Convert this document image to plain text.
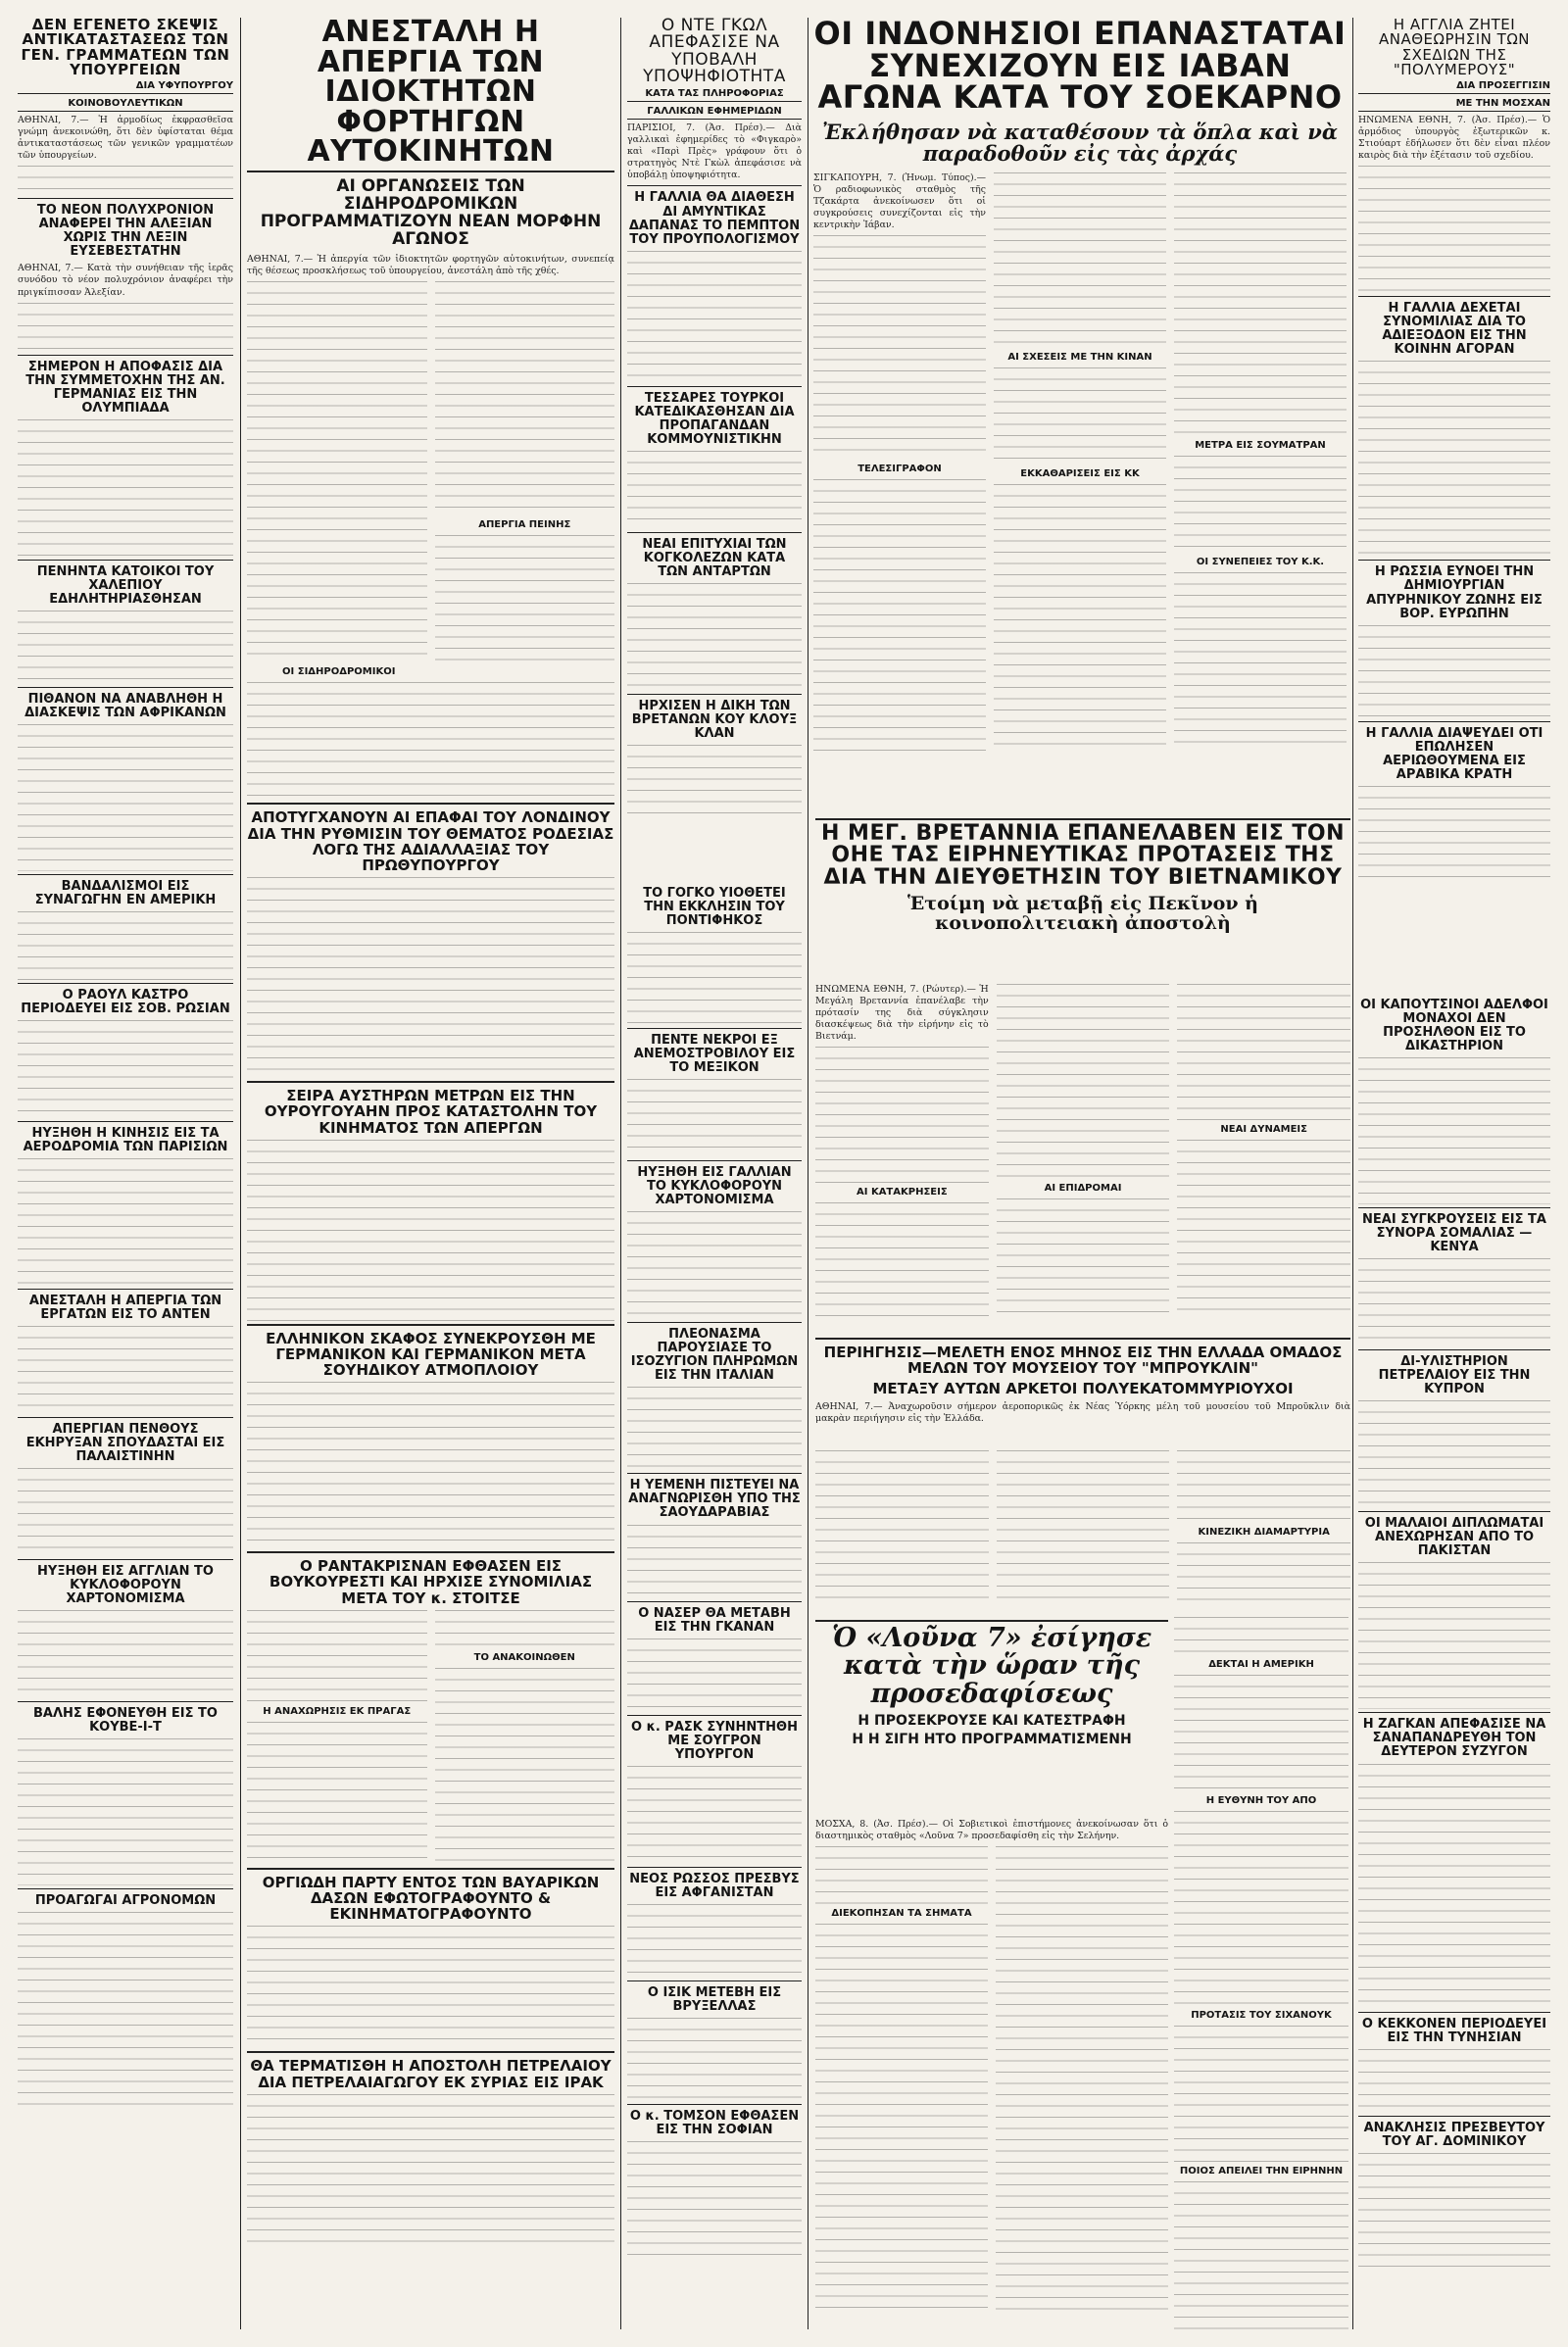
ΔΕΝ ΕΓΕΝΕΤΟ ΣΚΕΨΙΣ ΑΝΤΙΚΑΤΑΣΤΑΣΕΩΣ ΤΩΝ ΓΕΝ. ΓΡΑΜΜΑΤΕΩΝ ΤΩΝ ΥΠΟΥΡΓΕΙΩΝ
ΔΙΑ ΥΦΥΠΟΥΡΓΟΥ
ΚΟΙΝΟΒΟΥΛΕΥΤΙΚΩΝ

ΑΘΗΝΑΙ, 7.— Ἡ ἀρμοδίως ἐκφρασθεῖσα γνώμη ἀνεκοινώθη, ὅτι δὲν ὑφίσταται θέμα ἀντικαταστάσεως τῶν γενικῶν γραμματέων τῶν ὑπουργείων.

ΤΟ ΝΕΟΝ ΠΟΛΥΧΡΟΝΙΟΝ ΑΝΑΦΕΡΕΙ ΤΗΝ ΑΛΕΞΙΑΝ ΧΩΡΙΣ ΤΗΝ ΛΕΞΙΝ ΕΥΣΕΒΕΣΤΑΤΗΝ

ΑΘΗΝΑΙ, 7.— Κατὰ τὴν συνήθειαν τῆς ἱερᾶς συνόδου τὸ νέον πολυχρόνιον ἀναφέρει τὴν πριγκίπισσαν Ἀλεξίαν.

ΣΗΜΕΡΟΝ Η ΑΠΟΦΑΣΙΣ ΔΙΑ ΤΗΝ ΣΥΜΜΕΤΟΧΗΝ ΤΗΣ ΑΝ. ΓΕΡΜΑΝΙΑΣ ΕΙΣ ΤΗΝ ΟΛΥΜΠΙΑΔΑ
ΠΕΝΗΝΤΑ ΚΑΤΟΙΚΟΙ ΤΟΥ ΧΑΛΕΠΙΟΥ ΕΔΗΛΗΤΗΡΙΑΣΘΗΣΑΝ
ΠΙΘΑΝΟΝ ΝΑ ΑΝΑΒΛΗΘΗ Η ΔΙΑΣΚΕΨΙΣ ΤΩΝ ΑΦΡΙΚΑΝΩΝ
ΒΑΝΔΑΛΙΣΜΟΙ ΕΙΣ ΣΥΝΑΓΩΓΗΝ ΕΝ ΑΜΕΡΙΚΗ
Ο ΡΑΟΥΛ ΚΑΣΤΡΟ ΠΕΡΙΟΔΕΥΕΙ ΕΙΣ ΣΟΒ. ΡΩΣΙΑΝ
ΗΥΞΗΘΗ Η ΚΙΝΗΣΙΣ ΕΙΣ ΤΑ ΑΕΡΟΔΡΟΜΙΑ ΤΩΝ ΠΑΡΙΣΙΩΝ
ΑΝΕΣΤΑΛΗ Η ΑΠΕΡΓΙΑ ΤΩΝ ΕΡΓΑΤΩΝ ΕΙΣ ΤΟ ΑΝΤΕΝ
ΑΠΕΡΓΙΑΝ ΠΕΝΘΟΥΣ ΕΚΗΡΥΞΑΝ ΣΠΟΥΔΑΣΤΑΙ ΕΙΣ ΠΑΛΑΙΣΤΙΝΗΝ
ΗΥΞΗΘΗ ΕΙΣ ΑΓΓΛΙΑΝ ΤΟ ΚΥΚΛΟΦΟΡΟΥΝ ΧΑΡΤΟΝΟΜΙΣΜΑ
ΒΑΛΗΣ ΕΦΟΝΕΥΘΗ ΕΙΣ ΤΟ ΚΟΥΒΕ-Ι-Τ
ΠΡΟΑΓΩΓΑΙ ΑΓΡΟΝΟΜΩΝ
ΑΝΕΣΤΑΛΗ Η ΑΠΕΡΓΙΑ ΤΩΝ ΙΔΙΟΚΤΗΤΩΝ ΦΟΡΤΗΓΩΝ ΑΥΤΟΚΙΝΗΤΩΝ
ΑΙ ΟΡΓΑΝΩΣΕΙΣ ΤΩΝ ΣΙΔΗΡΟΔΡΟΜΙΚΩΝ ΠΡΟΓΡΑΜΜΑΤΙΖΟΥΝ ΝΕΑΝ ΜΟΡΦΗΝ ΑΓΩΝΟΣ

ΑΘΗΝΑΙ, 7.— Ἡ ἀπεργία τῶν ἰδιοκτητῶν φορτηγῶν αὐτοκινήτων, συνεπείᾳ τῆς θέσεως προσκλήσεως τοῦ ὑπουργείου, ἀνεστάλη ἀπὸ τῆς χθές.

ΑΠΕΡΓΙΑ ΠΕΙΝΗΣ
ΟΙ ΣΙΔΗΡΟΔΡΟΜΙΚΟΙ
ΑΠΟΤΥΓΧΑΝΟΥΝ ΑΙ ΕΠΑΦΑΙ ΤΟΥ ΛΟΝΔΙΝΟΥ ΔΙΑ ΤΗΝ ΡΥΘΜΙΣΙΝ ΤΟΥ ΘΕΜΑΤΟΣ ΡΟΔΕΣΙΑΣ ΛΟΓΩ ΤΗΣ ΑΔΙΑΛΛΑΞΙΑΣ ΤΟΥ ΠΡΩΘΥΠΟΥΡΓΟΥ
ΣΕΙΡΑ ΑΥΣΤΗΡΩΝ ΜΕΤΡΩΝ ΕΙΣ ΤΗΝ ΟΥΡΟΥΓΟΥΑΗΝ ΠΡΟΣ ΚΑΤΑΣΤΟΛΗΝ ΤΟΥ ΚΙΝΗΜΑΤΟΣ ΤΩΝ ΑΠΕΡΓΩΝ
ΕΛΛΗΝΙΚΟΝ ΣΚΑΦΟΣ ΣΥΝΕΚΡΟΥΣΘΗ ΜΕ ΓΕΡΜΑΝΙΚΟΝ ΚΑΙ ΓΕΡΜΑΝΙΚΟΝ ΜΕΤΑ ΣΟΥΗΔΙΚΟΥ ΑΤΜΟΠΛΟΙΟΥ
Ο ΡΑΝΤΑΚΡΙΣΝΑΝ ΕΦΘΑΣΕΝ ΕΙΣ ΒΟΥΚΟΥΡΕΣΤΙ ΚΑΙ ΗΡΧΙΣΕ ΣΥΝΟΜΙΛΙΑΣ ΜΕΤΑ ΤΟΥ κ. ΣΤΟΙΤΣΕ
Η ΑΝΑΧΩΡΗΣΙΣ ΕΚ ΠΡΑΓΑΣ
ΤΟ ΑΝΑΚΟΙΝΩΘΕΝ
ΟΡΓΙΩΔΗ ΠΑΡΤΥ ΕΝΤΟΣ ΤΩΝ ΒΑΥΑΡΙΚΩΝ ΔΑΣΩΝ ΕΦΩΤΟΓΡΑΦΟΥΝΤΟ & ΕΚΙΝΗΜΑΤΟΓΡΑΦΟΥΝΤΟ
ΘΑ ΤΕΡΜΑΤΙΣΘΗ Η ΑΠΟΣΤΟΛΗ ΠΕΤΡΕΛΑΙΟΥ ΔΙΑ ΠΕΤΡΕΛΑΙΑΓΩΓΟΥ ΕΚ ΣΥΡΙΑΣ ΕΙΣ ΙΡΑΚ
Ο ΝΤΕ ΓΚΩΛ ΑΠΕΦΑΣΙΣΕ ΝΑ ΥΠΟΒΑΛΗ ΥΠΟΨΗΦΙΟΤΗΤΑ
ΚΑΤΑ ΤΑΣ ΠΛΗΡΟΦΟΡΙΑΣ
ΓΑΛΛΙΚΩΝ ΕΦΗΜΕΡΙΔΩΝ

ΠΑΡΙΣΙΟΙ, 7. (Ἀσ. Πρέσ).— Διὰ γαλλικαὶ ἐφημερίδες τὸ «Φιγκαρὸ» καὶ «Παρὶ Πρὲς» γράφουν ὅτι ὁ στρατηγὸς Ντὲ Γκὼλ ἀπεφάσισε νὰ ὑποβάλῃ ὑποψηφιότητα.

Η ΓΑΛΛΙΑ ΘΑ ΔΙΑΘΕΣΗ ΔΙ ΑΜΥΝΤΙΚΑΣ ΔΑΠΑΝΑΣ ΤΟ ΠΕΜΠΤΟΝ ΤΟΥ ΠΡΟΥΠΟΛΟΓΙΣΜΟΥ
ΤΕΣΣΑΡΕΣ ΤΟΥΡΚΟΙ ΚΑΤΕΔΙΚΑΣΘΗΣΑΝ ΔΙΑ ΠΡΟΠΑΓΑΝΔΑΝ ΚΟΜΜΟΥΝΙΣΤΙΚΗΝ
ΝΕΑΙ ΕΠΙΤΥΧΙΑΙ ΤΩΝ ΚΟΓΚΟΛΕΖΩΝ ΚΑΤΑ ΤΩΝ ΑΝΤΑΡΤΩΝ
ΗΡΧΙΣΕΝ Η ΔΙΚΗ ΤΩΝ ΒΡΕΤΑΝΩΝ ΚΟΥ ΚΛΟΥΞ ΚΛΑΝ
ΤΟ ΓΟΓΚΟ ΥΙΟΘΕΤΕΙ ΤΗΝ ΕΚΚΛΗΣΙΝ ΤΟΥ ΠΟΝΤΙΦΗΚΟΣ
ΠΕΝΤΕ ΝΕΚΡΟΙ ΕΞ ΑΝΕΜΟΣΤΡΟΒΙΛΟΥ ΕΙΣ ΤΟ ΜΕΞΙΚΟΝ
ΗΥΞΗΘΗ ΕΙΣ ΓΑΛΛΙΑΝ ΤΟ ΚΥΚΛΟΦΟΡΟΥΝ ΧΑΡΤΟΝΟΜΙΣΜΑ
ΠΛΕΟΝΑΣΜΑ ΠΑΡΟΥΣΙΑΣΕ ΤΟ ΙΣΟΖΥΓΙΟΝ ΠΛΗΡΩΜΩΝ ΕΙΣ ΤΗΝ ΙΤΑΛΙΑΝ
Η ΥΕΜΕΝΗ ΠΙΣΤΕΥΕΙ ΝΑ ΑΝΑΓΝΩΡΙΣΘΗ ΥΠΟ ΤΗΣ ΣΑΟΥΔΑΡΑΒΙΑΣ
Ο ΝΑΣΕΡ ΘΑ ΜΕΤΑΒΗ ΕΙΣ ΤΗΝ ΓΚΑΝΑΝ
Ο κ. ΡΑΣΚ ΣΥΝΗΝΤΗΘΗ ΜΕ ΣΟΥΓΡΟΝ ΥΠΟΥΡΓΟΝ
ΝΕΟΣ ΡΩΣΣΟΣ ΠΡΕΣΒΥΣ ΕΙΣ ΑΦΓΑΝΙΣΤΑΝ
Ο ΙΣΙΚ ΜΕΤΕΒΗ ΕΙΣ ΒΡΥΞΕΛΛΑΣ
Ο κ. ΤΟΜΣΟΝ ΕΦΘΑΣΕΝ ΕΙΣ ΤΗΝ ΣΟΦΙΑΝ
ΟΙ ΙΝΔΟΝΗΣΙΟΙ ΕΠΑΝΑΣΤΑΤΑΙ ΣΥΝΕΧΙΖΟΥΝ ΕΙΣ ΙΑΒΑΝ ΑΓΩΝΑ ΚΑΤΑ ΤΟΥ ΣΟΕΚΑΡΝΟ
Ἐκλήθησαν νὰ καταθέσουν τὰ ὅπλα καὶ νὰ παραδοθοῦν εἰς τὰς ἀρχάς

ΣΙΓΚΑΠΟΥΡΗ, 7. (Ἡνωμ. Τύπος).— Ὁ ραδιοφωνικὸς σταθμὸς τῆς Τζακάρτα ἀνεκοίνωσεν ὅτι οἱ συγκρούσεις συνεχίζονται εἰς τὴν κεντρικὴν Ἰάβαν.

ΤΕΛΕΣΙΓΡΑΦΟΝ
ΑΙ ΣΧΕΣΕΙΣ ΜΕ ΤΗΝ ΚΙΝΑΝ
ΕΚΚΑΘΑΡΙΣΕΙΣ ΕΙΣ ΚΚ
ΜΕΤΡΑ ΕΙΣ ΣΟΥΜΑΤΡΑΝ
ΟΙ ΣΥΝΕΠΕΙΕΣ ΤΟΥ Κ.Κ.
Η ΑΓΓΛΙΑ ΖΗΤΕΙ ΑΝΑΘΕΩΡΗΣΙΝ ΤΩΝ ΣΧΕΔΙΩΝ ΤΗΣ "ΠΟΛΥΜΕΡΟΥΣ"
ΔΙΑ ΠΡΟΣΕΓΓΙΣΙΝ
ΜΕ ΤΗΝ ΜΟΣΧΑΝ

ΗΝΩΜΕΝΑ ΕΘΝΗ, 7. (Ἀσ. Πρέσ).— Ὁ ἀρμόδιος ὑπουργὸς ἐξωτερικῶν κ. Στιούαρτ ἐδήλωσεν ὅτι δὲν εἶναι πλέον καιρὸς διὰ τὴν ἐξέτασιν τοῦ σχεδίου.

Η ΓΑΛΛΙΑ ΔΕΧΕΤΑΙ ΣΥΝΟΜΙΛΙΑΣ ΔΙΑ ΤΟ ΑΔΙΕΞΟΔΟΝ ΕΙΣ ΤΗΝ ΚΟΙΝΗΝ ΑΓΟΡΑΝ
Η ΡΩΣΣΙΑ ΕΥΝΟΕΙ ΤΗΝ ΔΗΜΙΟΥΡΓΙΑΝ ΑΠΥΡΗΝΙΚΟΥ ΖΩΝΗΣ ΕΙΣ ΒΟΡ. ΕΥΡΩΠΗΝ
Η ΓΑΛΛΙΑ ΔΙΑΨΕΥΔΕΙ ΟΤΙ ΕΠΩΛΗΣΕΝ ΑΕΡΙΩΘΟΥΜΕΝΑ ΕΙΣ ΑΡΑΒΙΚΑ ΚΡΑΤΗ
ΟΙ ΚΑΠΟΥΤΣΙΝΟΙ ΑΔΕΛΦΟΙ ΜΟΝΑΧΟΙ ΔΕΝ ΠΡΟΣΗΛΘΟΝ ΕΙΣ ΤΟ ΔΙΚΑΣΤΗΡΙΟΝ
ΝΕΑΙ ΣΥΓΚΡΟΥΣΕΙΣ ΕΙΣ ΤΑ ΣΥΝΟΡΑ ΣΟΜΑΛΙΑΣ — ΚΕΝΥΑ
ΔΙ-ΥΛΙΣΤΗΡΙΟΝ ΠΕΤΡΕΛΑΙΟΥ ΕΙΣ ΤΗΝ ΚΥΠΡΟΝ
ΟΙ ΜΑΛΑΙΟΙ ΔΙΠΛΩΜΑΤΑΙ ΑΝΕΧΩΡΗΣΑΝ ΑΠΟ ΤΟ ΠΑΚΙΣΤΑΝ
Η ΖΑΓΚΑΝ ΑΠΕΦΑΣΙΣΕ ΝΑ ΣΑΝΑΠΑΝΔΡΕΥΘΗ ΤΟΝ ΔΕΥΤΕΡΟΝ ΣΥΖΥΓΟΝ
Ο ΚΕΚΚΟΝΕΝ ΠΕΡΙΟΔΕΥΕΙ ΕΙΣ ΤΗΝ ΤΥΝΗΣΙΑΝ
ΑΝΑΚΛΗΣΙΣ ΠΡΕΣΒΕΥΤΟΥ ΤΟΥ ΑΓ. ΔΟΜΙΝΙΚΟΥ
Η ΜΕΓ. ΒΡΕΤΑΝΝΙΑ ΕΠΑΝΕΛΑΒΕΝ ΕΙΣ ΤΟΝ ΟΗΕ ΤΑΣ ΕΙΡΗΝΕΥΤΙΚΑΣ ΠΡΟΤΑΣΕΙΣ ΤΗΣ ΔΙΑ ΤΗΝ ΔΙΕΥΘΕΤΗΣΙΝ ΤΟΥ ΒΙΕΤΝΑΜΙΚΟΥ
Ἑτοίμη νὰ μεταβῇ εἰς Πεκῖνον ἡ κοινοπολιτειακὴ ἀποστολὴ

ΗΝΩΜΕΝΑ ΕΘΝΗ, 7. (Ρώυτερ).— Ἡ Μεγάλη Βρεταννία ἐπανέλαβε τὴν πρότασίν της διὰ σύγκλησιν διασκέψεως διὰ τὴν εἰρήνην εἰς τὸ Βιετνάμ.

ΑΙ ΚΑΤΑΚΡΗΣΕΙΣ	ΑΙ ΕΠΙΔΡΟΜΑΙ
ΝΕΑΙ ΔΥΝΑΜΕΙΣ
ΠΕΡΙΗΓΗΣΙΣ—ΜΕΛΕΤΗ ΕΝΟΣ ΜΗΝΟΣ ΕΙΣ ΤΗΝ ΕΛΛΑΔΑ ΟΜΑΔΟΣ ΜΕΛΩΝ ΤΟΥ ΜΟΥΣΕΙΟΥ ΤΟΥ "ΜΠΡΟΥΚΛΙΝ"
ΜΕΤΑΞΥ ΑΥΤΩΝ ΑΡΚΕΤΟΙ ΠΟΛΥΕΚΑΤΟΜΜΥΡΙΟΥΧΟΙ

ΑΘΗΝΑΙ, 7.— Ἀναχωροῦσιν σήμερον ἀεροπορικῶς ἐκ Νέας Ὑόρκης μέλη τοῦ μουσείου τοῦ Μπροῦκλιν διὰ μακρὰν περιήγησιν εἰς τὴν Ἑλλάδα.

ΚΙΝΕΖΙΚΗ ΔΙΑΜΑΡΤΥΡΙΑ
Ὁ «Λοῦνα 7» ἐσίγησε κατὰ τὴν ὥραν τῆς προσεδαφίσεως
Η ΠΡΟΣΕΚΡΟΥΣΕ ΚΑΙ ΚΑΤΕΣΤΡΑΦΗ
Η Η ΣΙΓΗ ΗΤΟ ΠΡΟΓΡΑΜΜΑΤΙΣΜΕΝΗ

ΜΟΣΧΑ, 8. (Ἀσ. Πρέσ).— Οἱ Σοβιετικοὶ ἐπιστήμονες ἀνεκοίνωσαν ὅτι ὁ διαστημικὸς σταθμὸς «Λοῦνα 7» προσεδαφίσθη εἰς τὴν Σελήνην.

ΔΙΕΚΟΠΗΣΑΝ ΤΑ ΣΗΜΑΤΑ
ΔΕΚΤΑΙ Η ΑΜΕΡΙΚΗ
Η ΕΥΘΥΝΗ ΤΟΥ ΑΠΟ
ΠΡΟΤΑΣΙΣ ΤΟΥ ΣΙΧΑΝΟΥΚ
ΠΟΙΟΣ ΑΠΕΙΛΕΙ ΤΗΝ ΕΙΡΗΝΗΝ
